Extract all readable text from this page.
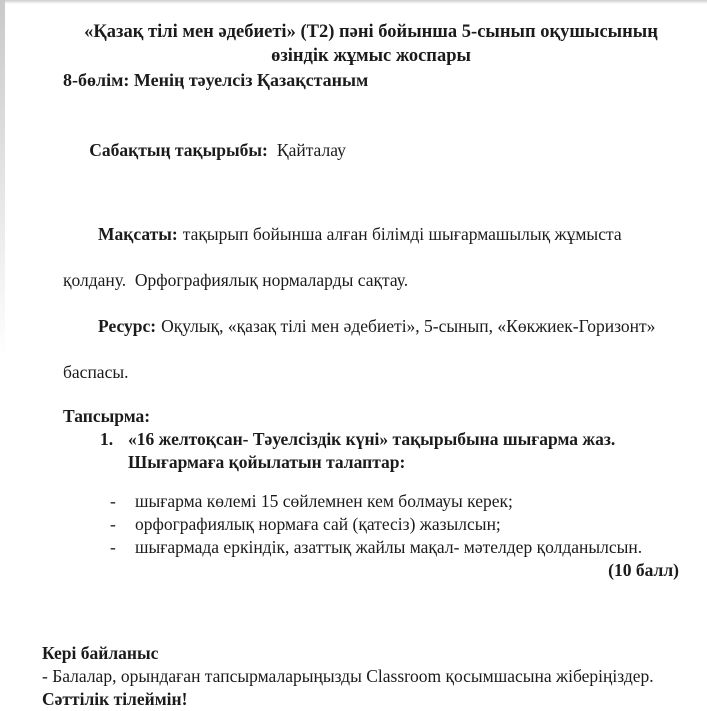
«Қазақ тілі мен әдебиеті» (Т2) пәні бойынша 5-сынып оқушысының
өзіндік жұмыс жоспары
8-бөлім: Менің тәуелсіз Қазақстаным

Сабақтың тақырыбы: Қайталау

Мақсаты: тақырып бойынша алған білімді шығармашылық жұмыста

қолдану.  Орфографиялық нормаларды сақтау.

Ресурс: Оқулық, «қазақ тілі мен әдебиеті», 5-сынып, «Көкжиек-Горизонт»

баспасы.
Тапсырма:
1. «16 желтоқсан- Тәуелсіздік күні» тақырыбына шығарма жаз.
Шығармаға қойылатын талаптар:
-	шығарма көлемі 15 сөйлемнен кем болмауы керек;
-	орфографиялық нормаға сай (қатесіз) жазылсын;
-	шығармада еркіндік, азаттық жайлы мақал- мәтелдер қолданылсын.
(10 балл)
Кері байланыс
- Балалар, орындаған тапсырмаларыңызды Classroom қосымшасына жіберіңіздер.
Сәттілік тілеймін!
